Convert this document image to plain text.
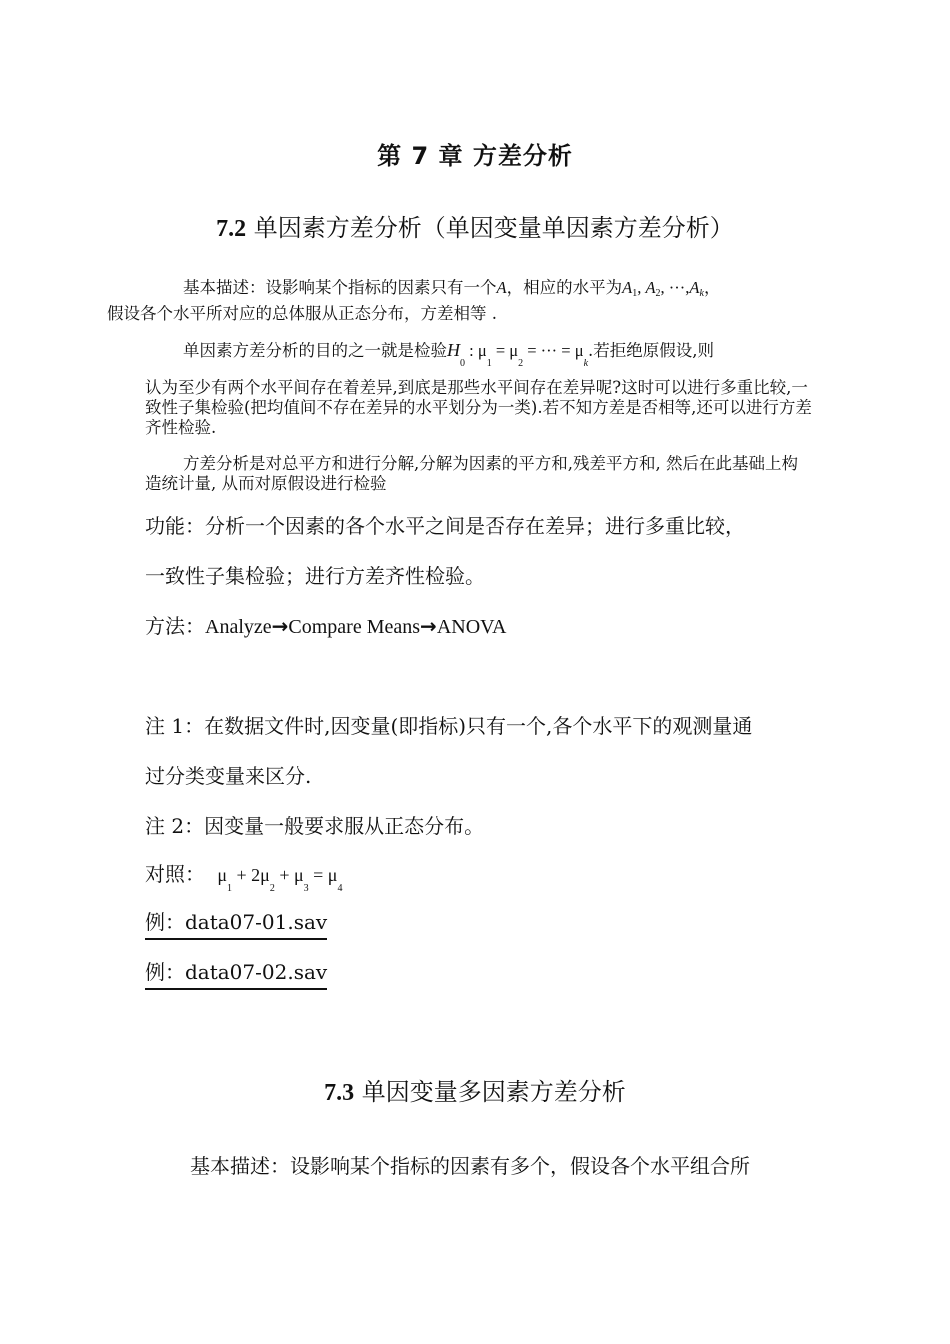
第 7 章 方差分析
7.2 单因素方差分析（单因变量单因素方差分析）
基本描述：设影响某个指标的因素只有一个A，相应的水平为$A_1$, $A_2$, $\cdot\cdot\cdot,A_k$，
假设各个水平所对应的总体服从正态分布，方差相等 .
单因素方差分析的目的之一就是检验$H_0$ : $\mu_1 = \mu_2$ = ··· = $\mu_k$.若拒绝原假设,则

认为至少有两个水平间存在着差异,到底是那些水平间存在差异呢?这时可以进行多重比较,一致性子集检验(把均值间不存在差异的水平划分为一类).若不知方差是否相等,还可以进行方差齐性检验.

方差分析是对总平方和进行分解,分解为因素的平方和,残差平方和, 然后在此基础上构造统计量, 从而对原假设进行检验

功能：分析一个因素的各个水平之间是否存在差异；进行多重比较，
一致性子集检验；进行方差齐性检验。
方法：Analyze→Compare Means→ANOVA
注 1：在数据文件时,因变量(即指标)只有一个,各个水平下的观测量通
过分类变量来区分.
注 2：因变量一般要求服从正态分布。
对照： $\mu_1 + 2\mu_2 + \mu_3 = \mu_4$
例：data07-01.sav
例：data07-02.sav
7.3 单因变量多因素方差分析
基本描述：设影响某个指标的因素有多个，假设各个水平组合所
